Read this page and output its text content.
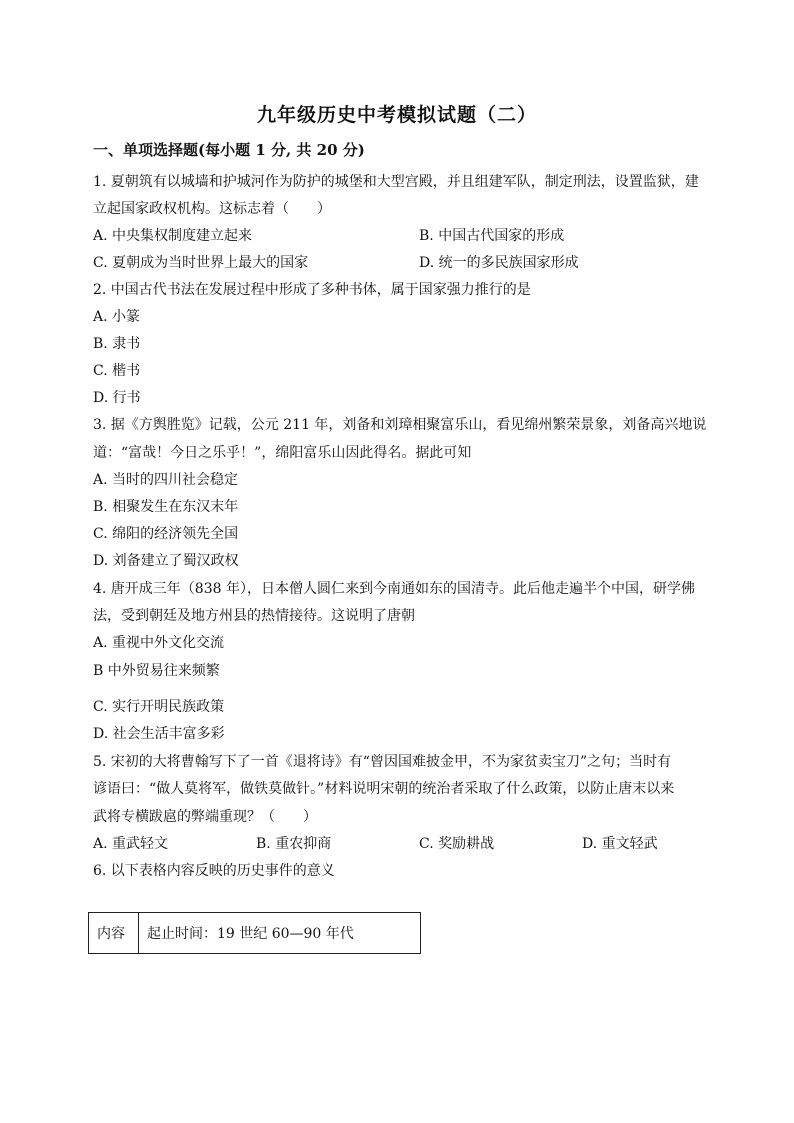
九年级历史中考模拟试题（二）
一、单项选择题(每小题 1 分, 共 20 分)
1. 夏朝筑有以城墙和护城河作为防护的城堡和大型宫殿，并且组建军队，制定刑法，设置监狱，建
立起国家政权机构。这标志着（　　）
A. 中央集权制度建立起来	B. 中国古代国家的形成
C. 夏朝成为当时世界上最大的国家	D. 统一的多民族国家形成
2. 中国古代书法在发展过程中形成了多种书体，属于国家强力推行的是
A. 小篆
B. 隶书
C. 楷书
D. 行书
3. 据《方舆胜览》记载，公元 211 年，刘备和刘璋相聚富乐山，看见绵州繁荣景象，刘备高兴地说
道：“富哉！今日之乐乎！”，绵阳富乐山因此得名。据此可知
A. 当时的四川社会稳定
B. 相聚发生在东汉末年
C. 绵阳的经济领先全国
D. 刘备建立了蜀汉政权
4. 唐开成三年（838 年），日本僧人圆仁来到今南通如东的国清寺。此后他走遍半个中国，研学佛
法，受到朝廷及地方州县的热情接待。这说明了唐朝
A. 重视中外文化交流
B 中外贸易往来频繁
C. 实行开明民族政策
D. 社会生活丰富多彩
5. 宋初的大将曹翰写下了一首《退将诗》有“曾因国难披金甲，不为家贫卖宝刀”之句；当时有
谚语曰：“做人莫将军，做铁莫做针。”材料说明宋朝的统治者采取了什么政策，以防止唐末以来
武将专横跋扈的弊端重现？（　　）
A. 重武轻文	B. 重农抑商	C. 奖励耕战	D. 重文轻武
6. 以下表格内容反映的历史事件的意义
内容	起止时间：19 世纪 60—90 年代
